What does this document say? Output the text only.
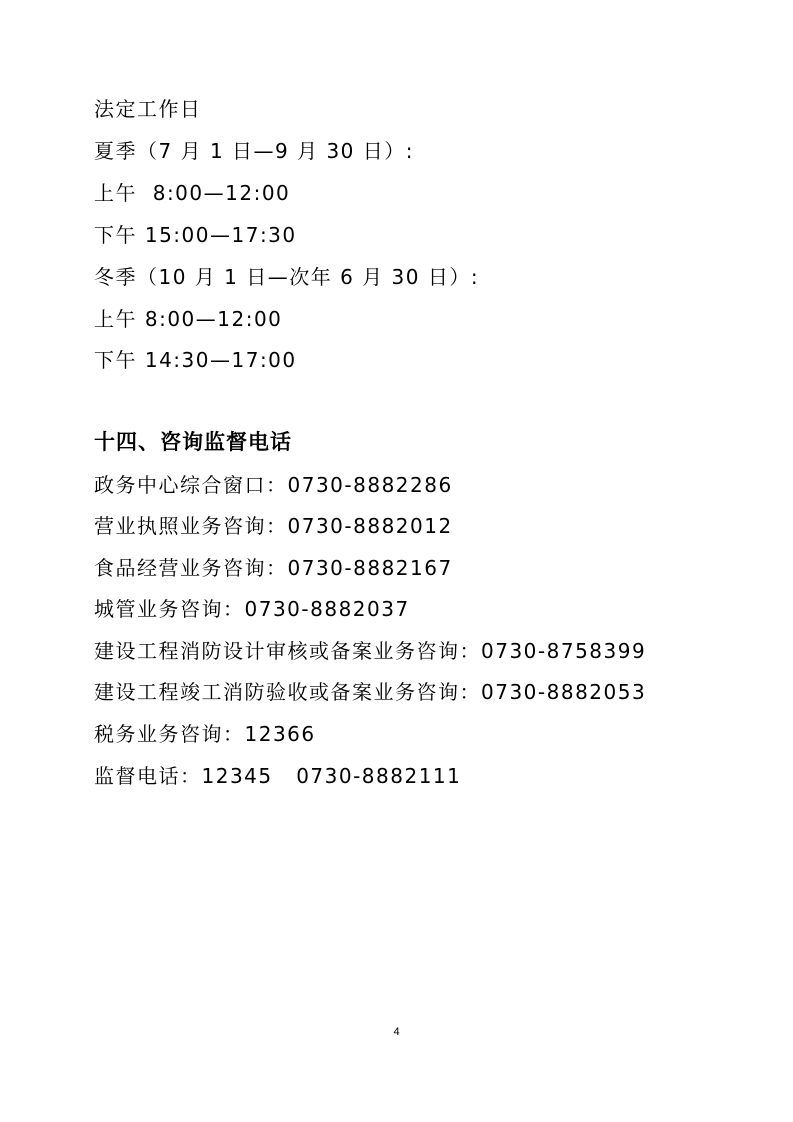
法定工作日
夏季（7 月 1 日—9 月 30 日）:
上午  8:00—12:00
下午 15:00—17:30
冬季（10 月 1 日—次年 6 月 30 日）:
上午 8:00—12:00
下午 14:30—17:00
十四、咨询监督电话
政务中心综合窗口：0730-8882286
营业执照业务咨询：0730-8882012
食品经营业务咨询：0730-8882167
城管业务咨询：0730-8882037
建设工程消防设计审核或备案业务咨询：0730-8758399
建设工程竣工消防验收或备案业务咨询：0730-8882053
税务业务咨询：12366
监督电话：12345   0730-8882111
4
